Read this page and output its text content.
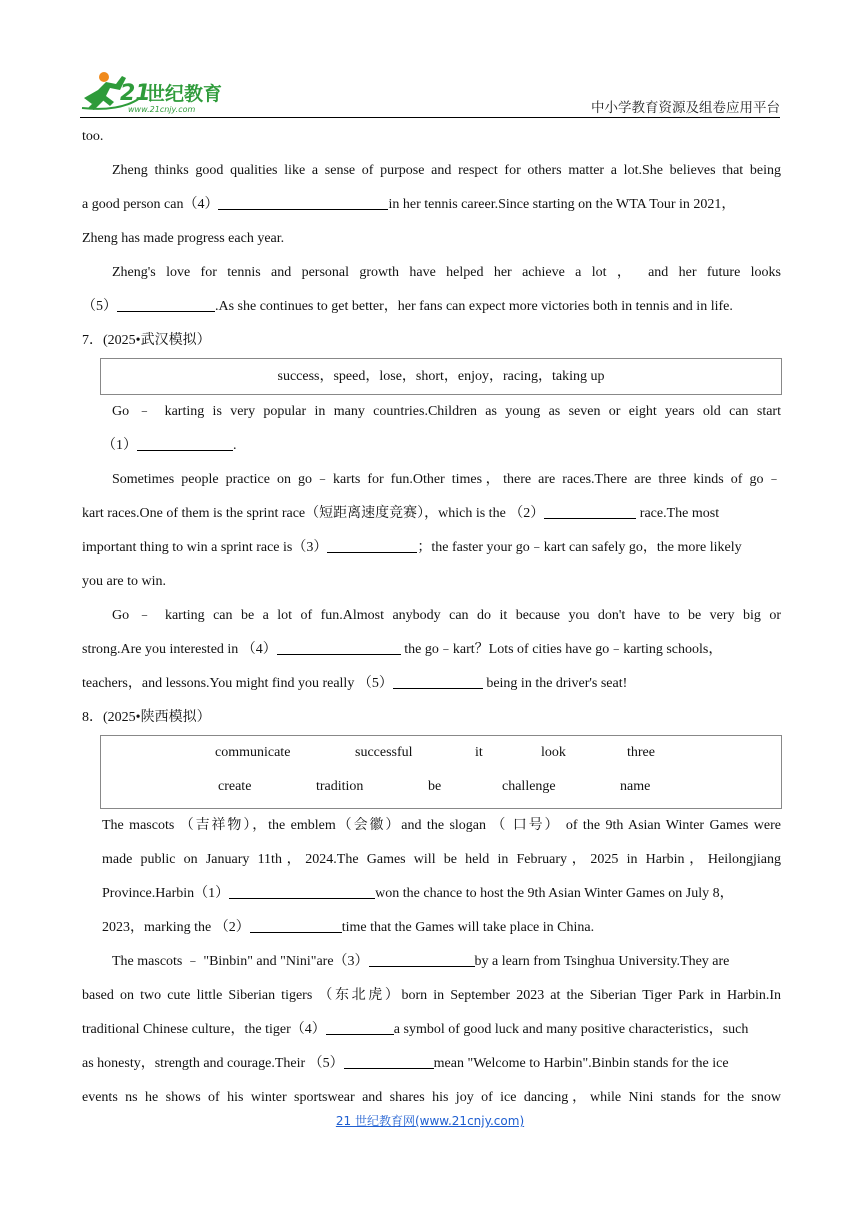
21
世纪教育
www.21cnjy.com	中小学教育资源及组卷应用平台
too.
Zheng thinks good qualities like a sense of purpose and respect for others matter a lot.She believes that being
a good person can（4）	in her tennis career.Since starting on the WTA Tour in 2021，
Zheng has made progress each year.
Zheng's love for tennis and personal growth have helped her achieve a lot ， and her future looks
（5）	.As she continues to get better，her fans can expect more victories both in tennis and in life.
7．(2025•武汉模拟）
success，speed，lose，short，enjoy，racing，taking up
Go ﹣ karting is very popular in many countries.Children as young as seven or eight years old can start
（1）	.
Sometimes people practice on go﹣karts for fun.Other times，there are races.There are three kinds of go﹣
kart races.One of them is the sprint race（短距离速度竞赛），which is the （2）	race.The most
important thing to win a sprint race is（3）	；the faster your go﹣kart can safely go，the more likely
you are to win.
Go ﹣ karting can be a lot of fun.Almost anybody can do it because you don't have to be very big or
strong.Are you interested in （4）	the go﹣kart？Lots of cities have go﹣karting schools，
teachers，and lessons.You might find you really （5）	being in the driver's seat!
8．(2025•陕西模拟）
communicate	successful	it	look	three
create	tradition	be	challenge	name
The mascots （吉祥物），the emblem（会徽）and the slogan （ 口号） of the 9th Asian Winter Games were
made public on January 11th，2024.The Games will be held in February，2025 in Harbin，Heilongjiang
Province.Harbin（1）	won the chance to host the 9th Asian Winter Games on July 8，
2023，marking the （2）	time that the Games will take place in China.
The mascots ﹣ "Binbin" and "Nini"are（3）	by a learn from Tsinghua University.They are
based on two cute little Siberian tigers （东北虎）born in September 2023 at the Siberian Tiger Park in Harbin.In
traditional Chinese culture，the tiger（4）	a symbol of good luck and many positive characteristics，such
as honesty，strength and courage.Their （5）	mean "Welcome to Harbin".Binbin stands for the ice
events ns he shows of his winter sportswear and shares his joy of ice dancing，while Nini stands for the snow
21 世纪教育网(www.21cnjy.com)
